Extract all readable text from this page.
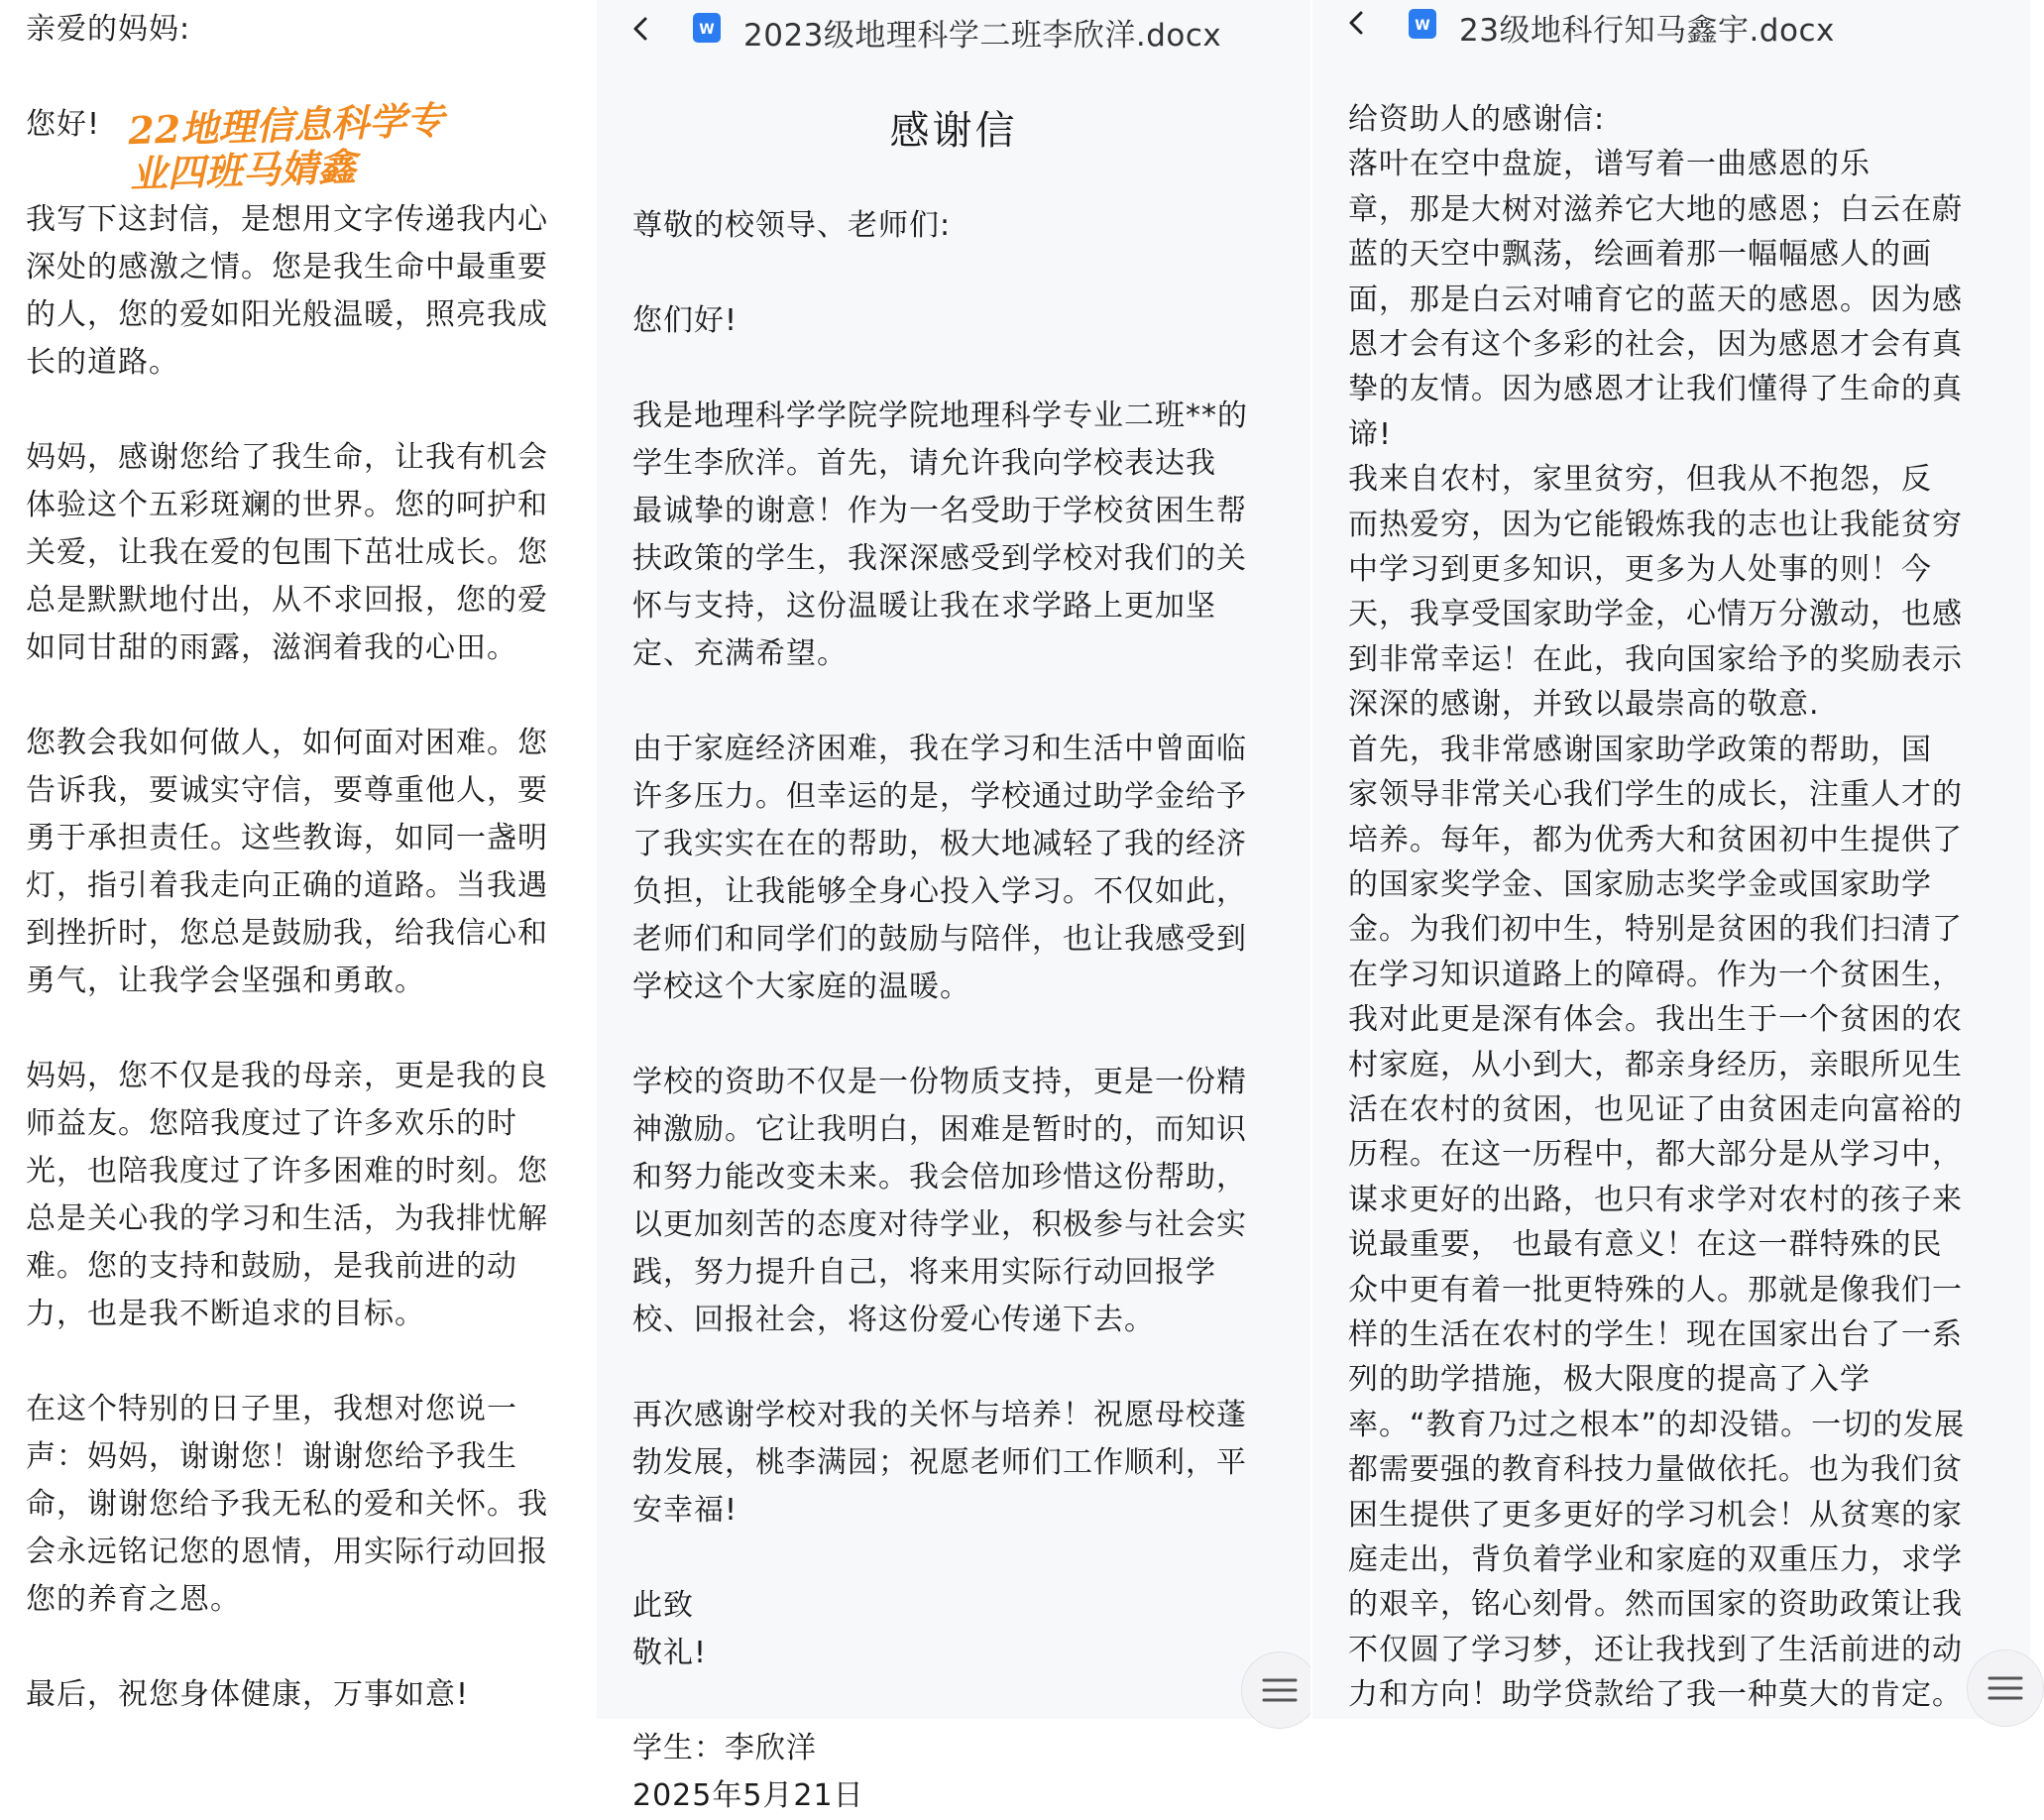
亲爱的妈妈:

您好!

我写下这封信，是想用文字传递我内心
深处的感激之情。您是我生命中最重要
的人，您的爱如阳光般温暖，照亮我成
长的道路。

妈妈，感谢您给了我生命，让我有机会
体验这个五彩斑斓的世界。您的呵护和
关爱，让我在爱的包围下茁壮成长。您
总是默默地付出，从不求回报，您的爱
如同甘甜的雨露，滋润着我的心田。

您教会我如何做人，如何面对困难。您
告诉我，要诚实守信，要尊重他人，要
勇于承担责任。这些教诲，如同一盏明
灯，指引着我走向正确的道路。当我遇
到挫折时，您总是鼓励我，给我信心和
勇气，让我学会坚强和勇敢。

妈妈，您不仅是我的母亲，更是我的良
师益友。您陪我度过了许多欢乐的时
光，也陪我度过了许多困难的时刻。您
总是关心我的学习和生活，为我排忧解
难。您的支持和鼓励，是我前进的动
力，也是我不断追求的目标。

在这个特别的日子里，我想对您说一
声：妈妈，谢谢您！谢谢您给予我生
命，谢谢您给予我无私的爱和关怀。我
会永远铭记您的恩情，用实际行动回报
您的养育之恩。

最后，祝您身体健康，万事如意!

22地理信息科学专 业四班马婧鑫
W 2023级地理科学二班李欣洋.docx
感谢信

尊敬的校领导、老师们:

您们好!

我是地理科学学院学院地理科学专业二班**的
学生李欣洋。首先，请允许我向学校表达我
最诚挚的谢意！作为一名受助于学校贫困生帮
扶政策的学生，我深深感受到学校对我们的关
怀与支持，这份温暖让我在求学路上更加坚
定、充满希望。

由于家庭经济困难，我在学习和生活中曾面临
许多压力。但幸运的是，学校通过助学金给予
了我实实在在的帮助，极大地减轻了我的经济
负担，让我能够全身心投入学习。不仅如此，
老师们和同学们的鼓励与陪伴，也让我感受到
学校这个大家庭的温暖。

学校的资助不仅是一份物质支持，更是一份精
神激励。它让我明白，困难是暂时的，而知识
和努力能改变未来。我会倍加珍惜这份帮助，
以更加刻苦的态度对待学业，积极参与社会实
践，努力提升自己，将来用实际行动回报学
校、回报社会，将这份爱心传递下去。

再次感谢学校对我的关怀与培养！祝愿母校蓬
勃发展，桃李满园；祝愿老师们工作顺利，平
安幸福!

此致
敬礼!

学生：李欣洋
2025年5月21日

W 23级地科行知马鑫宇.docx

给资助人的感谢信:
落叶在空中盘旋，谱写着一曲感恩的乐
章，那是大树对滋养它大地的感恩；白云在蔚
蓝的天空中飘荡，绘画着那一幅幅感人的画
面，那是白云对哺育它的蓝天的感恩。因为感
恩才会有这个多彩的社会，因为感恩才会有真
挚的友情。因为感恩才让我们懂得了生命的真
谛!
我来自农村，家里贫穷，但我从不抱怨，反
而热爱穷，因为它能锻炼我的志也让我能贫穷
中学习到更多知识，更多为人处事的则！今
天，我享受国家助学金，心情万分激动，也感
到非常幸运！在此，我向国家给予的奖励表示
深深的感谢，并致以最崇高的敬意.
首先，我非常感谢国家助学政策的帮助，国
家领导非常关心我们学生的成长，注重人才的
培养。每年，都为优秀大和贫困初中生提供了
的国家奖学金、国家励志奖学金或国家助学
金。为我们初中生，特别是贫困的我们扫清了
在学习知识道路上的障碍。作为一个贫困生，
我对此更是深有体会。我出生于一个贫困的农
村家庭，从小到大，都亲身经历，亲眼所见生
活在农村的贫困，也见证了由贫困走向富裕的
历程。在这一历程中，都大部分是从学习中，
谋求更好的出路，也只有求学对农村的孩子来
说最重要， 也最有意义！在这一群特殊的民
众中更有着一批更特殊的人。那就是像我们一
样的生活在农村的学生！现在国家出台了一系
列的助学措施，极大限度的提高了入学
率。“教育乃过之根本”的却没错。一切的发展
都需要强的教育科技力量做依托。也为我们贫
困生提供了更多更好的学习机会！从贫寒的家
庭走出，背负着学业和家庭的双重压力，求学
的艰辛，铭心刻骨。然而国家的资助政策让我
不仅圆了学习梦，还让我找到了生活前进的动
力和方向！助学贷款给了我一种莫大的肯定。
